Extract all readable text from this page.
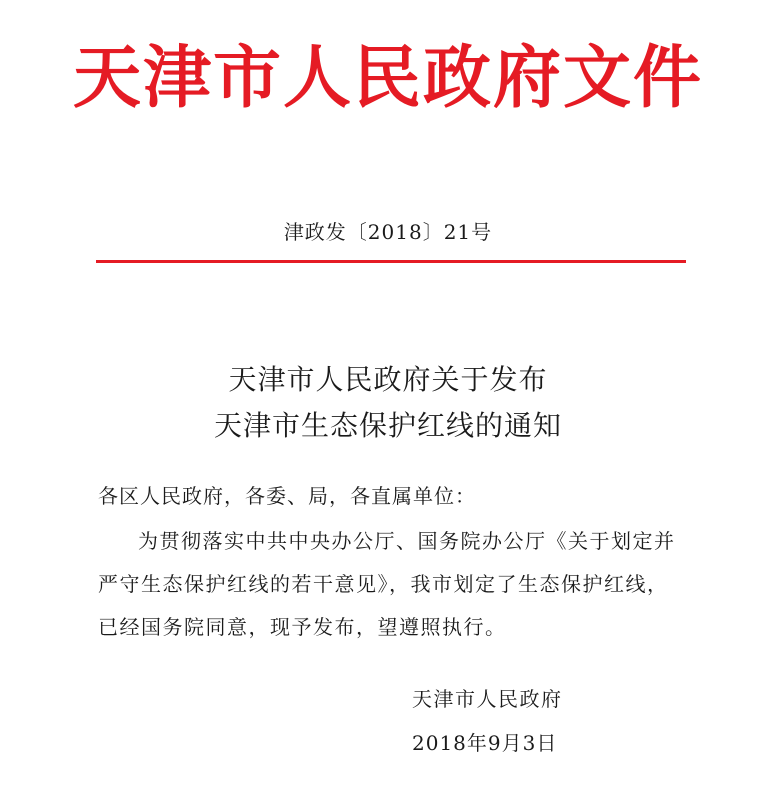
天津市人民政府文件
津政发〔2018〕21号
天津市人民政府关于发布
天津市生态保护红线的通知
各区人民政府，各委、局，各直属单位：
为贯彻落实中共中央办公厅、国务院办公厅《关于划定并严守生态保护红线的若干意见》，我市划定了生态保护红线，已经国务院同意，现予发布，望遵照执行。
天津市人民政府
2018年9月3日
